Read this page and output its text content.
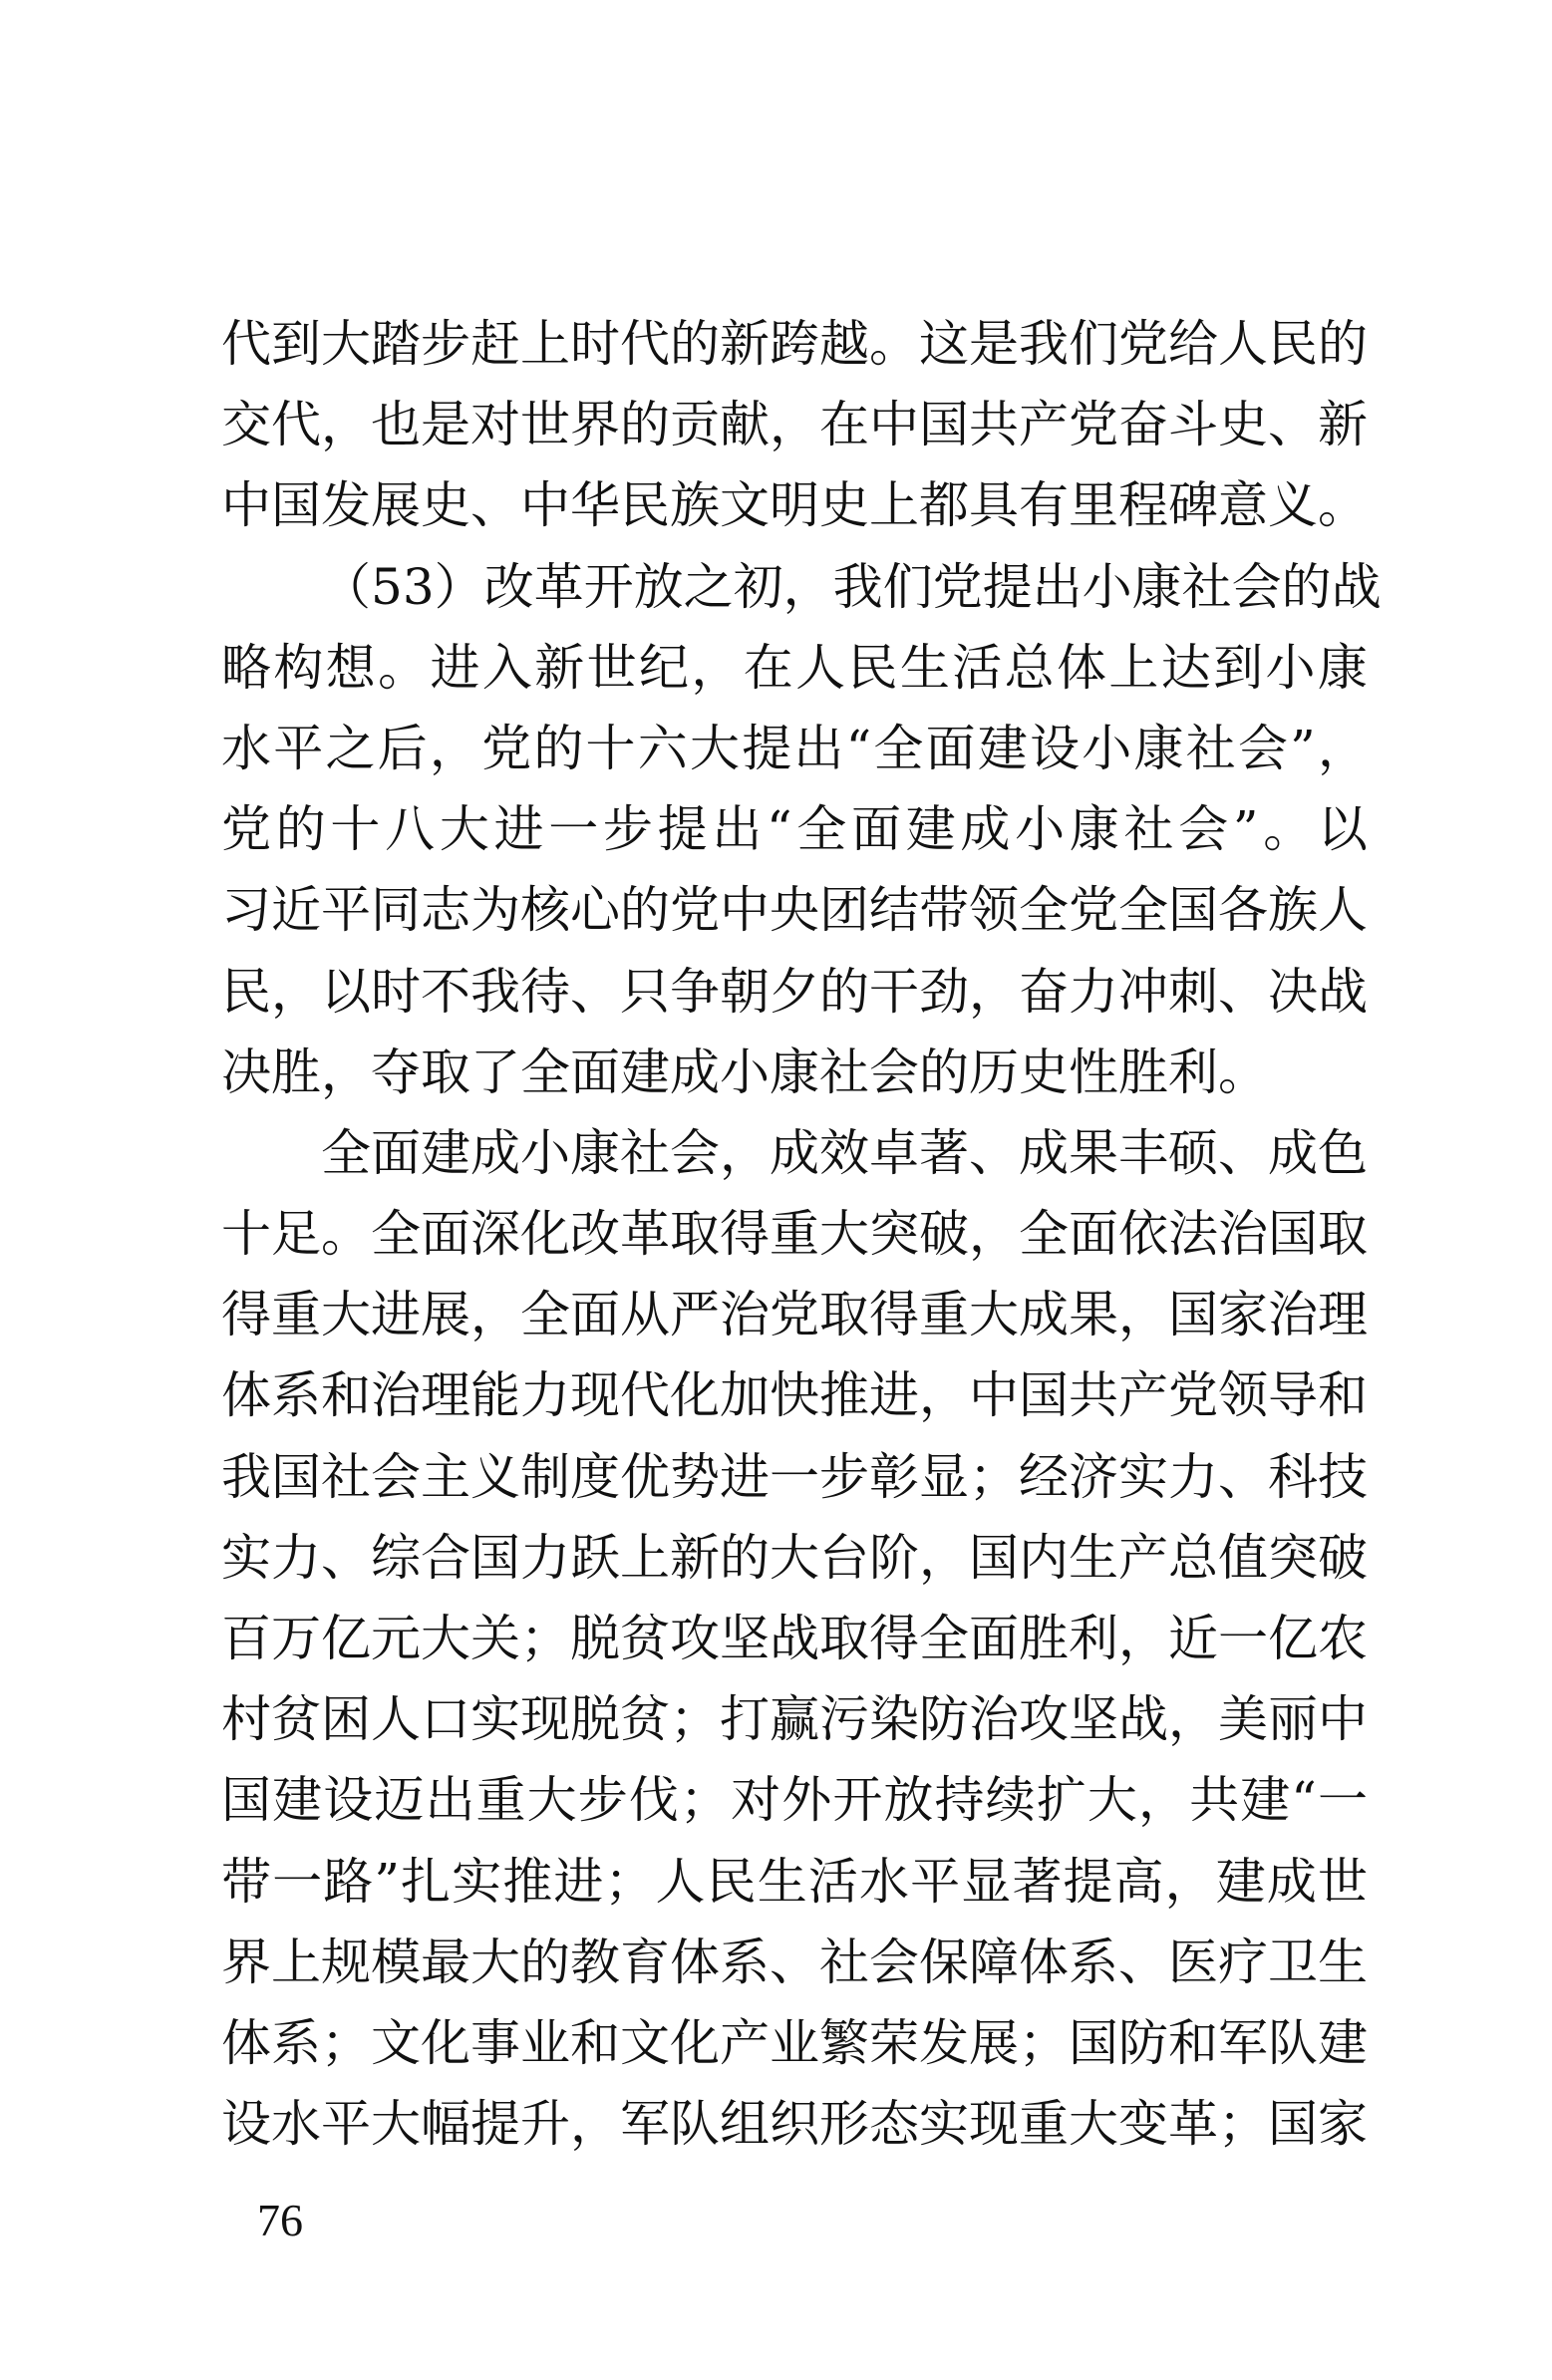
代 到 大 踏 步 赶 上 时 代 的 新 跨 越 。 这 是 我 们 党 给 人 民 的
交 代 ， 也 是 对 世 界 的 贡 献 ， 在 中 国 共 产 党 奋 斗 史 、 新
中国发展史、中华民族文明史上都具有里程碑意义。
（ 5 3 ） 改 革 开 放 之 初 ， 我 们 党 提 出 小 康 社 会 的 战
略 构 想 。 进 入 新 世 纪 ， 在 人 民 生 活 总 体 上 达 到 小 康
水 平 之 后 ， 党 的 十 六 大 提 出 “ 全 面 建 设 小 康 社 会 ” ，
党 的 十 八 大 进 一 步 提 出 “ 全 面 建 成 小 康 社 会 ” 。 以
习 近 平 同 志 为 核 心 的 党 中 央 团 结 带 领 全 党 全 国 各 族 人
民 ， 以 时 不 我 待 、 只 争 朝 夕 的 干 劲 ， 奋 力 冲 刺 、 决 战
决胜，夺取了全面建成小康社会的历史性胜利。
全 面 建 成 小 康 社 会 ， 成 效 卓 著 、 成 果 丰 硕 、 成 色
十 足 。 全 面 深 化 改 革 取 得 重 大 突 破 ， 全 面 依 法 治 国 取
得 重 大 进 展 ， 全 面 从 严 治 党 取 得 重 大 成 果 ， 国 家 治 理
体 系 和 治 理 能 力 现 代 化 加 快 推 进 ， 中 国 共 产 党 领 导 和
我 国 社 会 主 义 制 度 优 势 进 一 步 彰 显 ； 经 济 实 力 、 科 技
实 力 、 综 合 国 力 跃 上 新 的 大 台 阶 ， 国 内 生 产 总 值 突 破
百 万 亿 元 大 关 ； 脱 贫 攻 坚 战 取 得 全 面 胜 利 ， 近 一 亿 农
村 贫 困 人 口 实 现 脱 贫 ； 打 赢 污 染 防 治 攻 坚 战 ， 美 丽 中
国 建 设 迈 出 重 大 步 伐 ； 对 外 开 放 持 续 扩 大 ， 共 建 “ 一
带 一 路 ” 扎 实 推 进 ； 人 民 生 活 水 平 显 著 提 高 ， 建 成 世
界 上 规 模 最 大 的 教 育 体 系 、 社 会 保 障 体 系 、 医 疗 卫 生
体 系 ； 文 化 事 业 和 文 化 产 业 繁 荣 发 展 ； 国 防 和 军 队 建
设 水 平 大 幅 提 升 ， 军 队 组 织 形 态 实 现 重 大 变 革 ； 国 家
76
